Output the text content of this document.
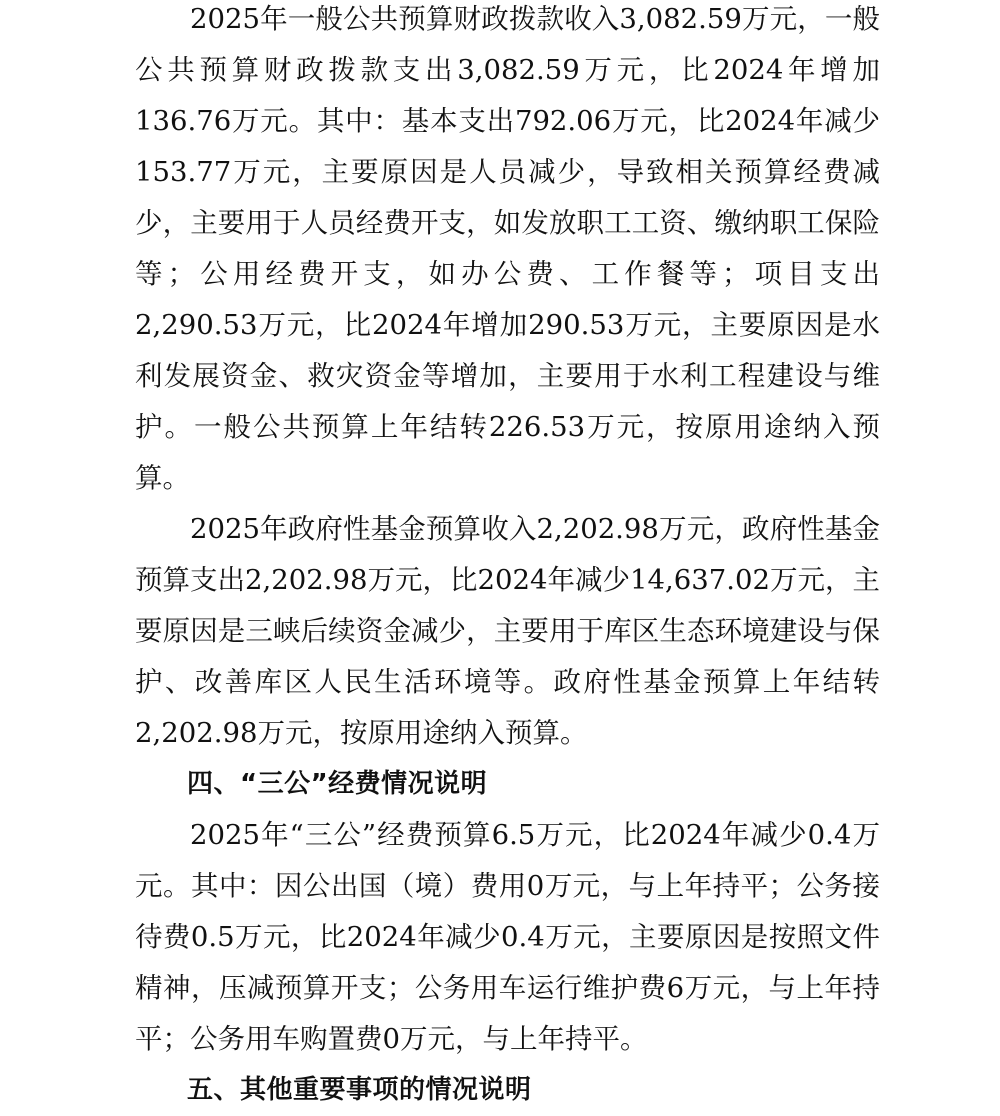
2025年一般公共预算财政拨款收入3,082.59万元，一般公共预算财政拨款支出3,082.59万元，比2024年增加136.76万元。其中：基本支出792.06万元，比2024年减少153.77万元，主要原因是人员减少，导致相关预算经费减少，主要用于人员经费开支，如发放职工工资、缴纳职工保险等；公用经费开支，如办公费、工作餐等；项目支出2,290.53万元，比2024年增加290.53万元，主要原因是水利发展资金、救灾资金等增加，主要用于水利工程建设与维护。一般公共预算上年结转226.53万元，按原用途纳入预算。

2025年政府性基金预算收入2,202.98万元，政府性基金预算支出2,202.98万元，比2024年减少14,637.02万元，主要原因是三峡后续资金减少，主要用于库区生态环境建设与保护、改善库区人民生活环境等。政府性基金预算上年结转2,202.98万元，按原用途纳入预算。

四、“三公”经费情况说明

2025年“三公”经费预算6.5万元，比2024年减少0.4万元。其中：因公出国（境）费用0万元，与上年持平；公务接待费0.5万元，比2024年减少0.4万元，主要原因是按照文件精神，压减预算开支；公务用车运行维护费6万元，与上年持平；公务用车购置费0万元，与上年持平。

五、其他重要事项的情况说明
